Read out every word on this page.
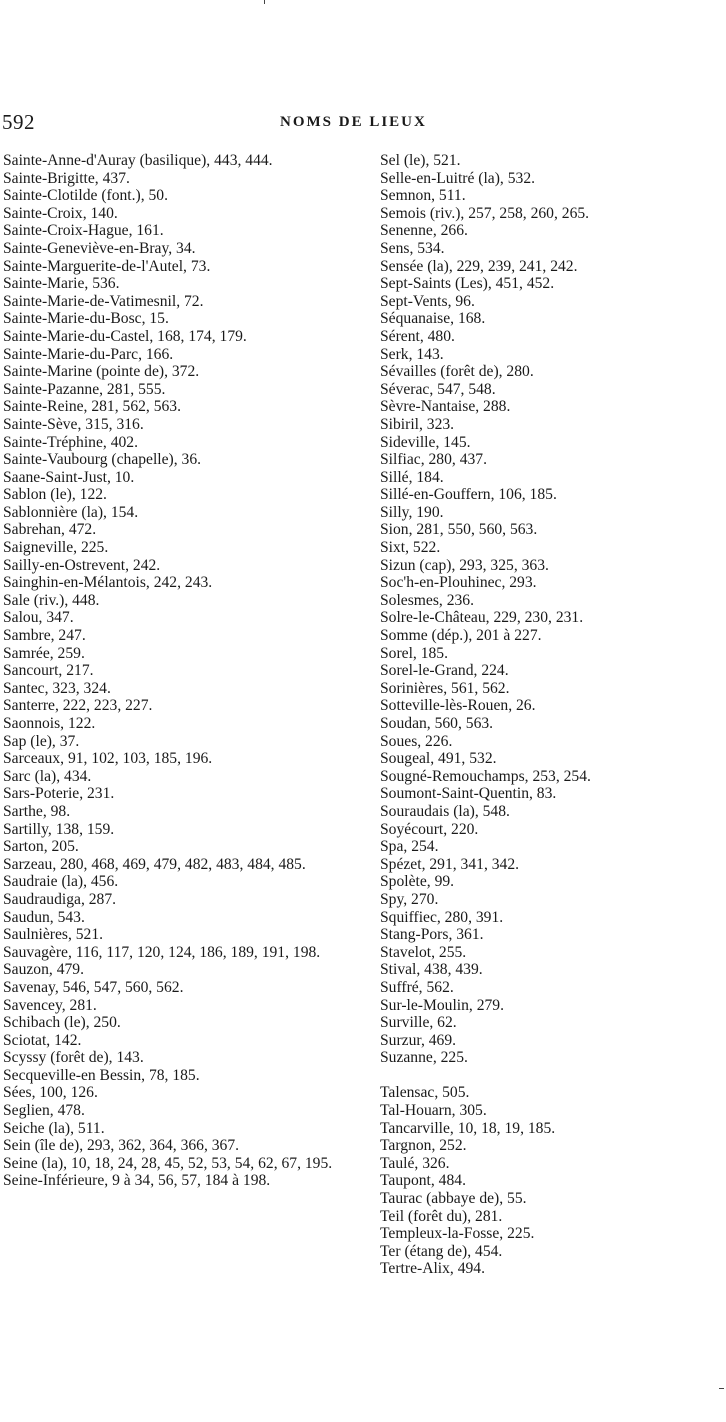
592	NOMS DE LIEUX
Sainte-Anne-d'Auray (basilique), 443, 444.
Sainte-Brigitte, 437.
Sainte-Clotilde (font.), 50.
Sainte-Croix, 140.
Sainte-Croix-Hague, 161.
Sainte-Geneviève-en-Bray, 34.
Sainte-Marguerite-de-l'Autel, 73.
Sainte-Marie, 536.
Sainte-Marie-de-Vatimesnil, 72.
Sainte-Marie-du-Bosc, 15.
Sainte-Marie-du-Castel, 168, 174, 179.
Sainte-Marie-du-Parc, 166.
Sainte-Marine (pointe de), 372.
Sainte-Pazanne, 281, 555.
Sainte-Reine, 281, 562, 563.
Sainte-Sève, 315, 316.
Sainte-Tréphine, 402.
Sainte-Vaubourg (chapelle), 36.
Saane-Saint-Just, 10.
Sablon (le), 122.
Sablonnière (la), 154.
Sabrehan, 472.
Saigneville, 225.
Sailly-en-Ostrevent, 242.
Sainghin-en-Mélantois, 242, 243.
Sale (riv.), 448.
Salou, 347.
Sambre, 247.
Samrée, 259.
Sancourt, 217.
Santec, 323, 324.
Santerre, 222, 223, 227.
Saonnois, 122.
Sap (le), 37.
Sarceaux, 91, 102, 103, 185, 196.
Sarc (la), 434.
Sars-Poterie, 231.
Sarthe, 98.
Sartilly, 138, 159.
Sarton, 205.
Sarzeau, 280, 468, 469, 479, 482, 483, 484, 485.
Saudraie (la), 456.
Saudraudiga, 287.
Saudun, 543.
Saulnières, 521.
Sauvagère, 116, 117, 120, 124, 186, 189, 191, 198.
Sauzon, 479.
Savenay, 546, 547, 560, 562.
Savencey, 281.
Schibach (le), 250.
Sciotat, 142.
Scyssy (forêt de), 143.
Secqueville-en Bessin, 78, 185.
Sées, 100, 126.
Seglien, 478.
Seiche (la), 511.
Sein (île de), 293, 362, 364, 366, 367.
Seine (la), 10, 18, 24, 28, 45, 52, 53, 54, 62, 67, 195.
Seine-Inférieure, 9 à 34, 56, 57, 184 à 198.
Sel (le), 521.
Selle-en-Luitré (la), 532.
Semnon, 511.
Semois (riv.), 257, 258, 260, 265.
Senenne, 266.
Sens, 534.
Sensée (la), 229, 239, 241, 242.
Sept-Saints (Les), 451, 452.
Sept-Vents, 96.
Séquanaise, 168.
Sérent, 480.
Serk, 143.
Sévailles (forêt de), 280.
Séverac, 547, 548.
Sèvre-Nantaise, 288.
Sibiril, 323.
Sideville, 145.
Silfiac, 280, 437.
Sillé, 184.
Sillé-en-Gouffern, 106, 185.
Silly, 190.
Sion, 281, 550, 560, 563.
Sixt, 522.
Sizun (cap), 293, 325, 363.
Soc'h-en-Plouhinec, 293.
Solesmes, 236.
Solre-le-Château, 229, 230, 231.
Somme (dép.), 201 à 227.
Sorel, 185.
Sorel-le-Grand, 224.
Sorinières, 561, 562.
Sotteville-lès-Rouen, 26.
Soudan, 560, 563.
Soues, 226.
Sougeal, 491, 532.
Sougné-Remouchamps, 253, 254.
Soumont-Saint-Quentin, 83.
Souraudais (la), 548.
Soyécourt, 220.
Spa, 254.
Spézet, 291, 341, 342.
Spolète, 99.
Spy, 270.
Squiffiec, 280, 391.
Stang-Pors, 361.
Stavelot, 255.
Stival, 438, 439.
Suffré, 562.
Sur-le-Moulin, 279.
Surville, 62.
Surzur, 469.
Suzanne, 225.
Talensac, 505.
Tal-Houarn, 305.
Tancarville, 10, 18, 19, 185.
Targnon, 252.
Taulé, 326.
Taupont, 484.
Taurac (abbaye de), 55.
Teil (forêt du), 281.
Templeux-la-Fosse, 225.
Ter (étang de), 454.
Tertre-Alix, 494.
